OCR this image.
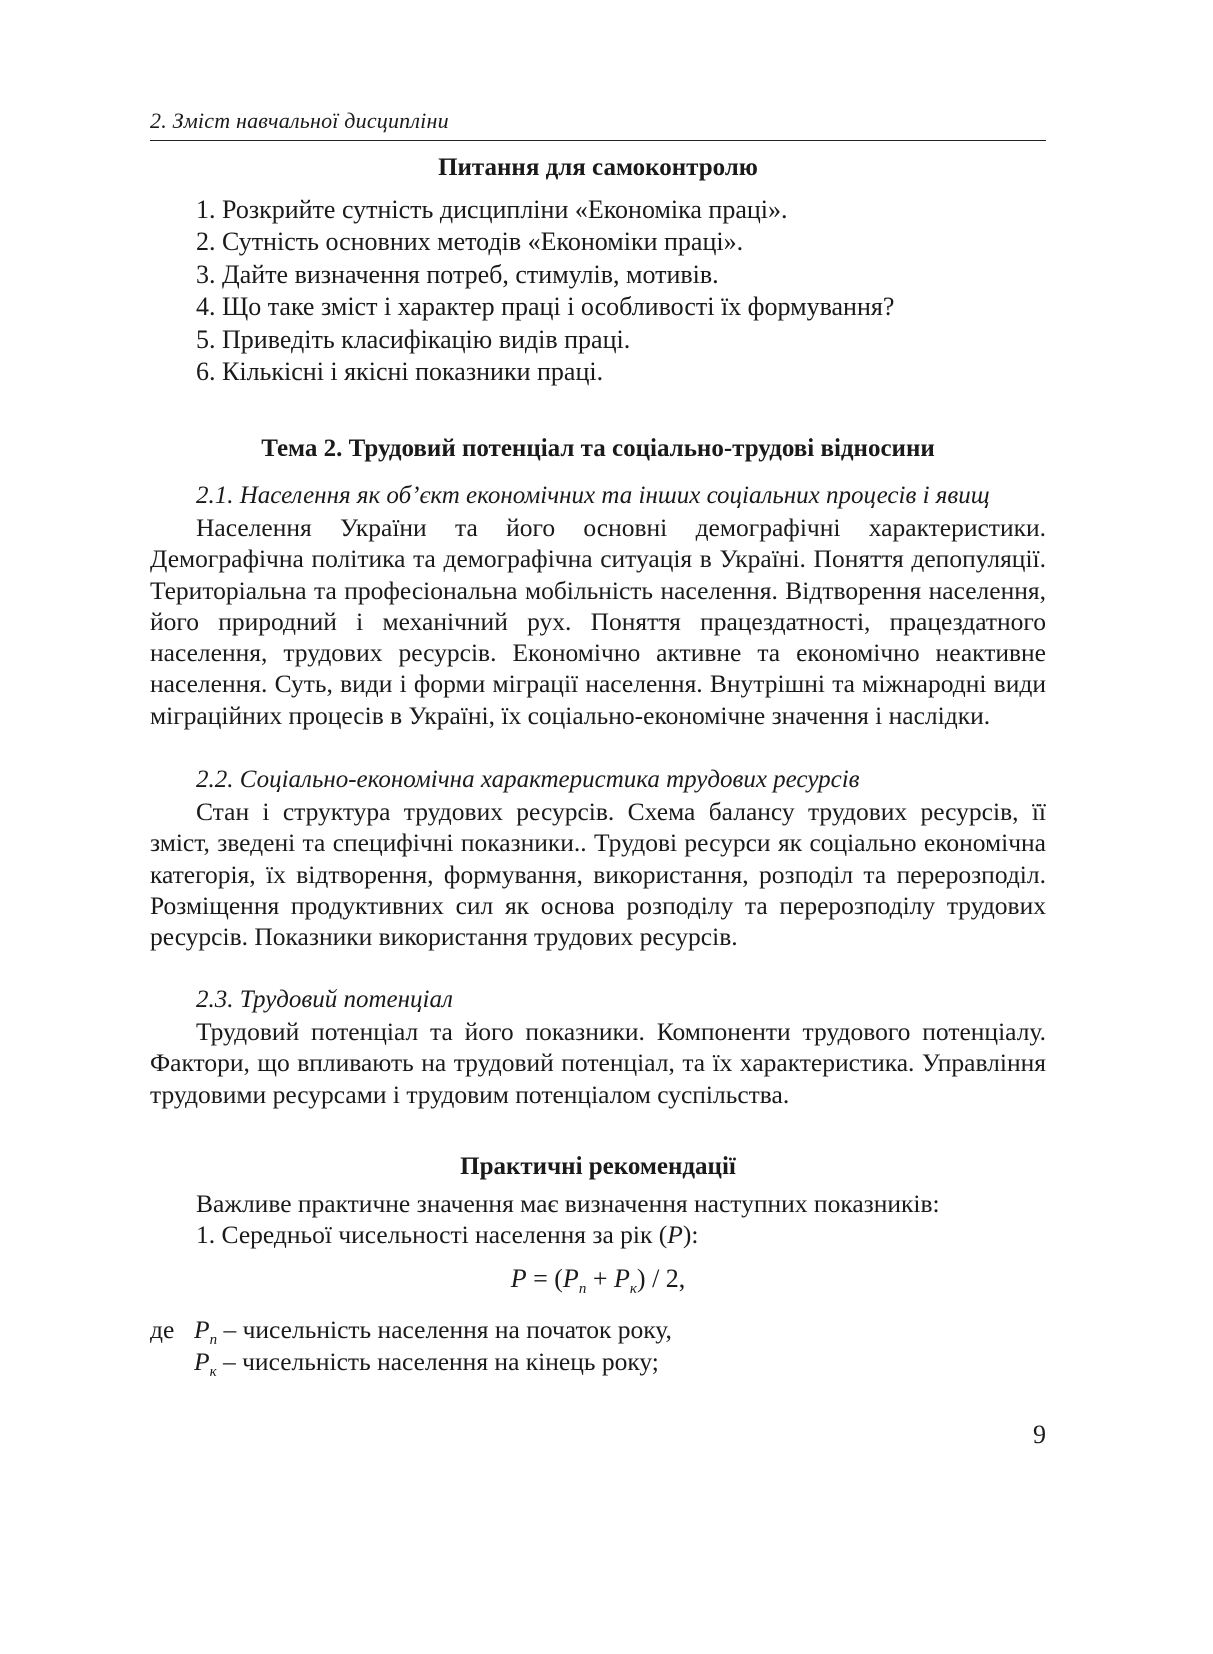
2. Зміст навчальної дисципліни
Питання для самоконтролю
1. Розкрийте сутність дисципліни «Економіка праці».
2. Сутність основних методів «Економіки праці».
3. Дайте визначення потреб, стимулів, мотивів.
4. Що таке зміст і характер праці і особливості їх формування?
5. Приведіть класифікацію видів праці.
6. Кількісні і якісні показники праці.
Тема 2. Трудовий потенціал та соціально-трудові відносини
2.1. Населення як об’єкт економічних та інших соціальних процесів і явищ

Населення України та його основні демографічні характеристики. Демографічна політика та демографічна ситуація в Україні. Поняття депопуляції. Територіальна та професіональна мобільність населення. Відтворення населення, його природний і механічний рух. Поняття працездатності, працездатного населення, трудових ресурсів. Економічно активне та економічно неактивне населення. Суть, види і форми міграції населення. Внутрішні та міжнародні види міграційних процесів в Україні, їх соціально-економічне значення і наслідки.

2.2. Соціально-економічна характеристика трудових ресурсів

Стан і структура трудових ресурсів. Схема балансу трудових ресурсів, її зміст, зведені та специфічні показники.. Трудові ресурси як соціально економічна категорія, їх відтворення, формування, використання, розподіл та перерозподіл. Розміщення продуктивних сил як основа розподілу та перерозподілу трудових ресурсів. Показники використання трудових ресурсів.

2.3. Трудовий потенціал

Трудовий потенціал та його показники. Компоненти трудового потенціалу. Фактори, що впливають на трудовий потенціал, та їх характеристика. Управління трудовими ресурсами і трудовим потенціалом суспільства.

Практичні рекомендації
Важливе практичне значення має визначення наступних показників:
1. Середньої чисельності населення за рік (P):
$P = (P_п + P_к) / 2$,
де $P_п$ – чисельність населення на початок року,
$P_к$ – чисельність населення на кінець року;
9
